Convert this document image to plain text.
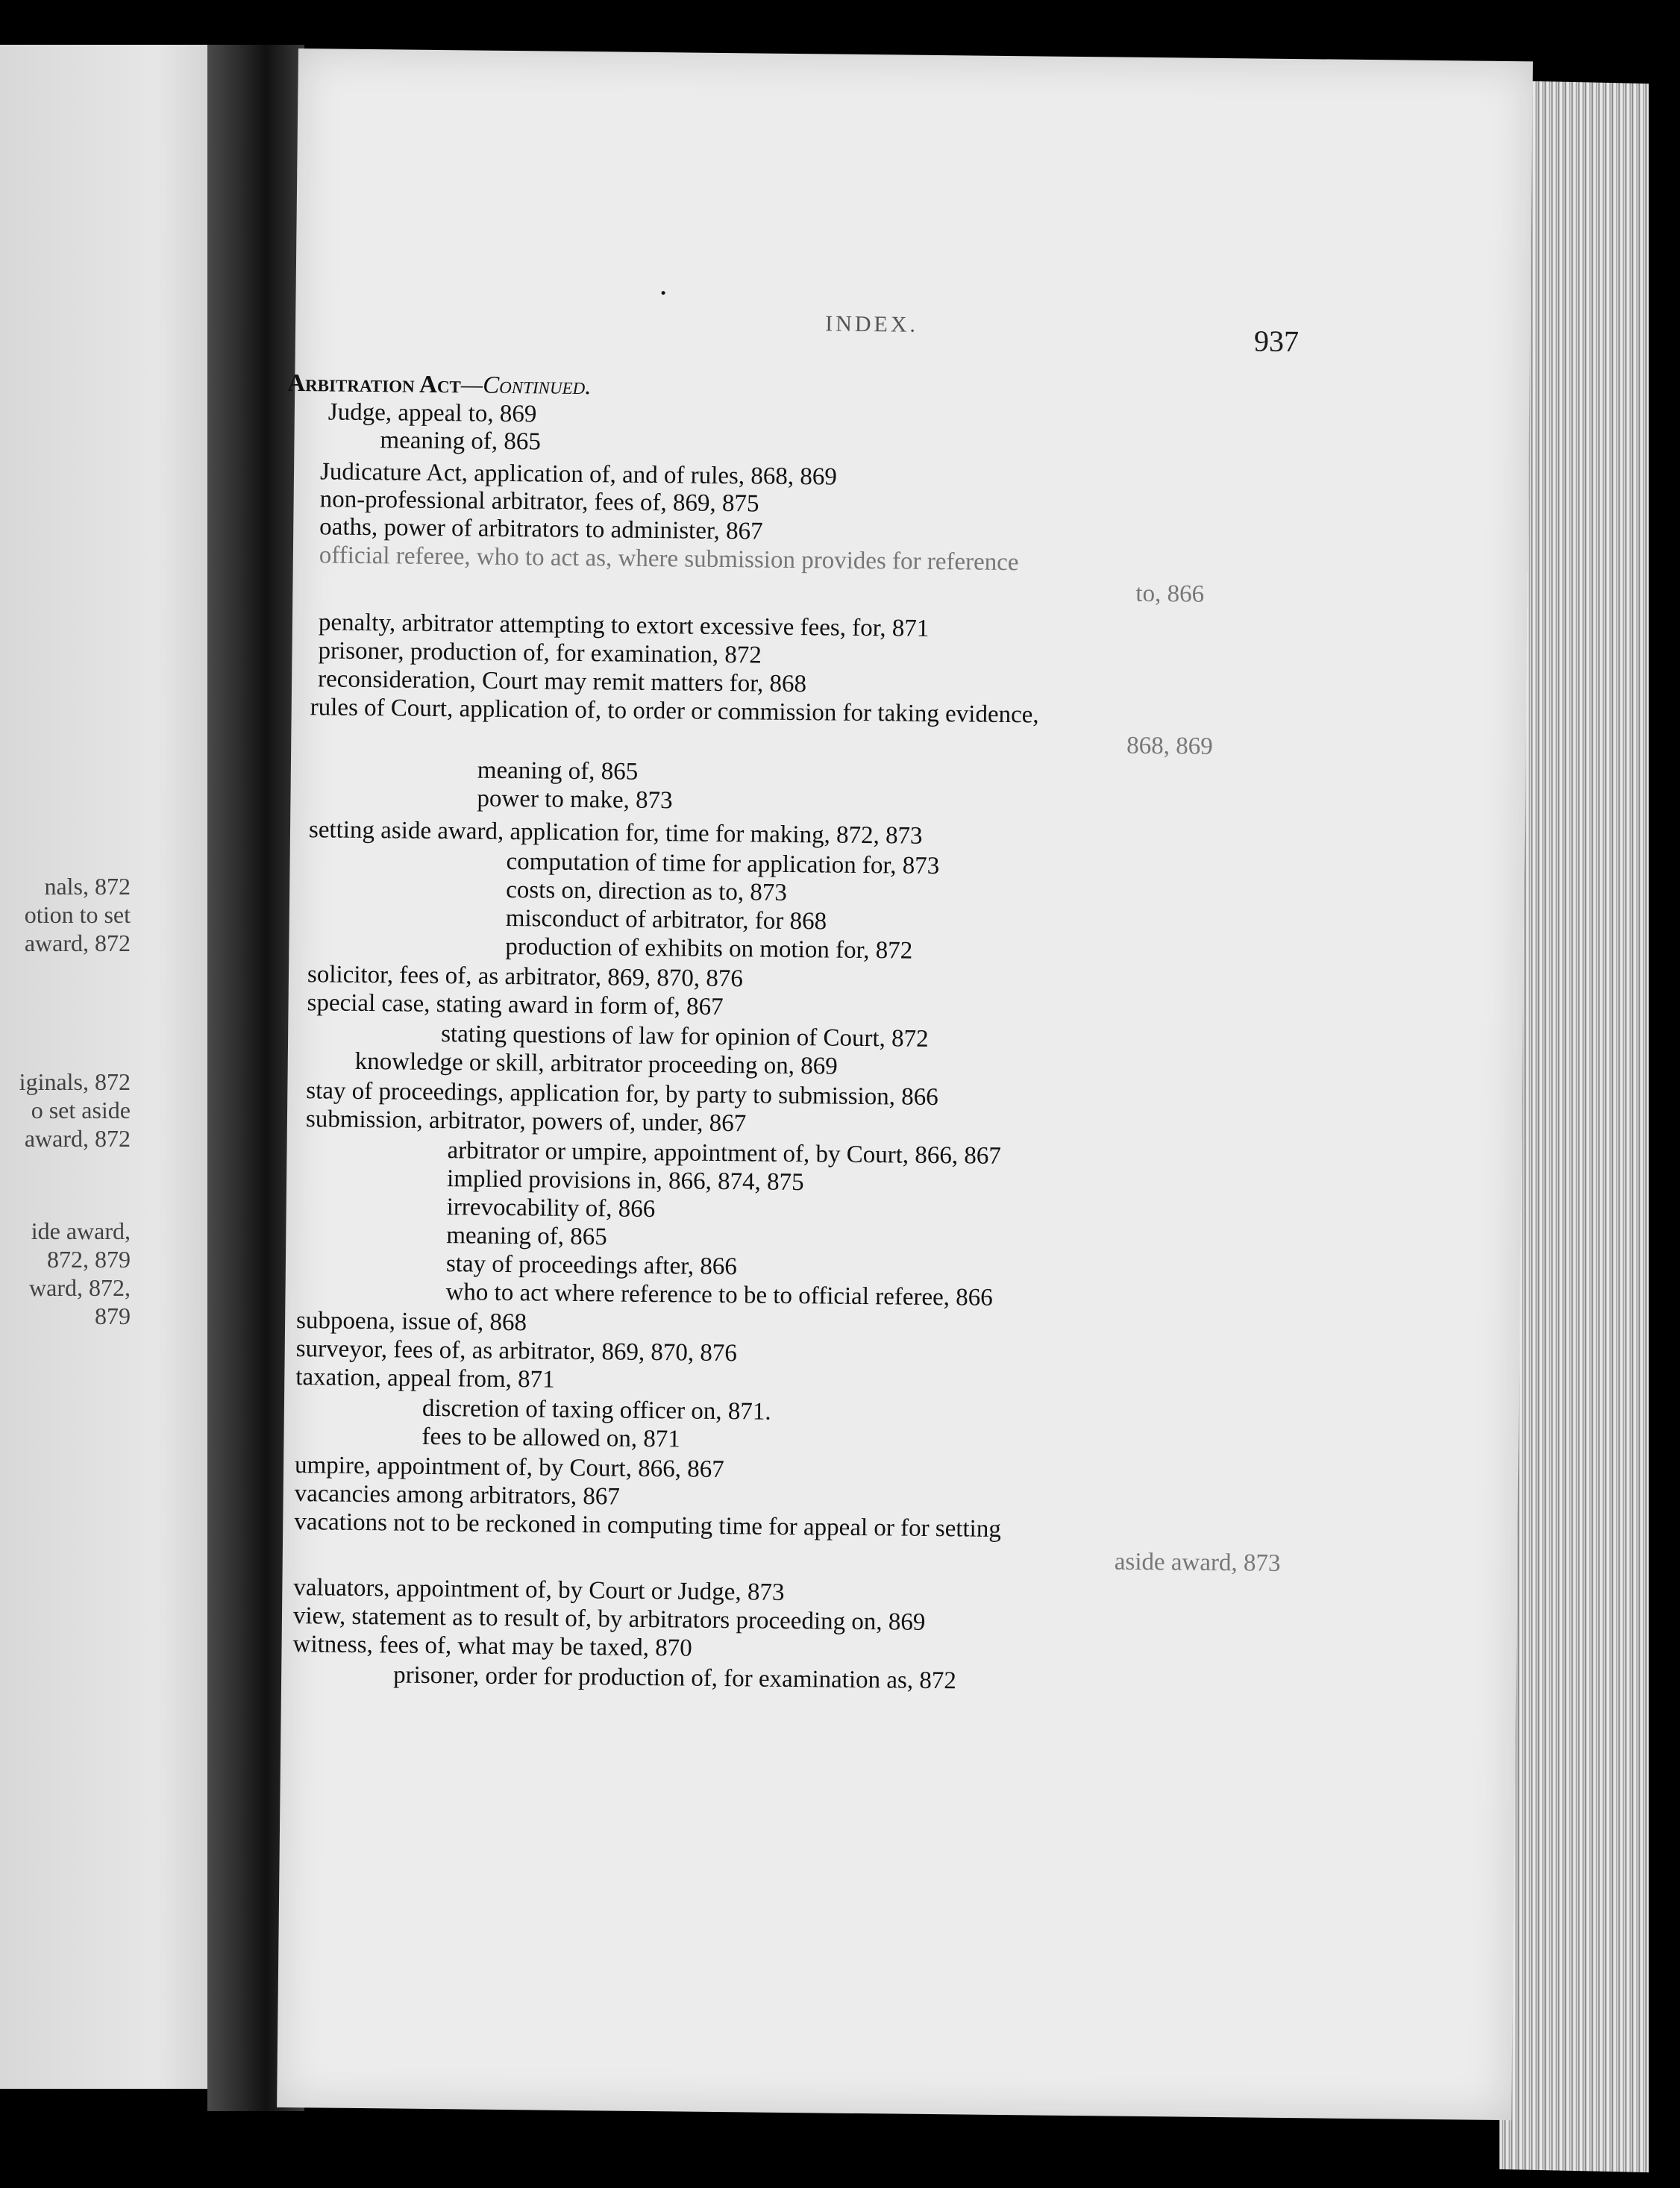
nals, 872
otion to set
award, 872
iginals, 872
o set aside
award, 872
ide award,
872, 879
ward, 872,
879
INDEX.	937
Arbitration Act—Continued.
Judge, appeal to, 869
meaning of, 865
Judicature Act, application of, and of rules, 868, 869
non-professional arbitrator, fees of, 869, 875
oaths, power of arbitrators to administer, 867
official referee, who to act as, where submission provides for reference
to, 866
penalty, arbitrator attempting to extort excessive fees, for, 871
prisoner, production of, for examination, 872
reconsideration, Court may remit matters for, 868
rules of Court, application of, to order or commission for taking evidence,
868, 869
meaning of, 865
power to make, 873
setting aside award, application for, time for making, 872, 873
computation of time for application for, 873
costs on, direction as to, 873
misconduct of arbitrator, for 868
production of exhibits on motion for, 872
solicitor, fees of, as arbitrator, 869, 870, 876
special case, stating award in form of, 867
stating questions of law for opinion of Court, 872
knowledge or skill, arbitrator proceeding on, 869
stay of proceedings, application for, by party to submission, 866
submission, arbitrator, powers of, under, 867
arbitrator or umpire, appointment of, by Court, 866, 867
implied provisions in, 866, 874, 875
irrevocability of, 866
meaning of, 865
stay of proceedings after, 866
who to act where reference to be to official referee, 866
subpoena, issue of, 868
surveyor, fees of, as arbitrator, 869, 870, 876
taxation, appeal from, 871
discretion of taxing officer on, 871.
fees to be allowed on, 871
umpire, appointment of, by Court, 866, 867
vacancies among arbitrators, 867
vacations not to be reckoned in computing time for appeal or for setting
aside award, 873
valuators, appointment of, by Court or Judge, 873
view, statement as to result of, by arbitrators proceeding on, 869
witness, fees of, what may be taxed, 870
prisoner, order for production of, for examination as, 872
